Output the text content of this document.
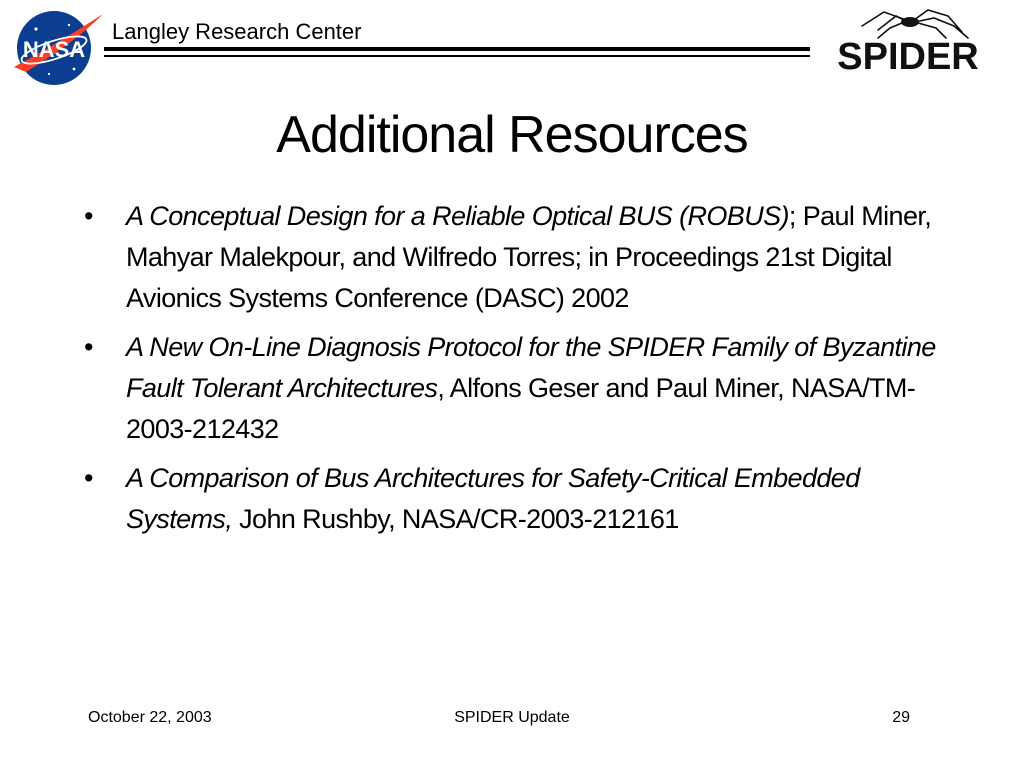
NASA
Langley Research Center
SPIDER
Additional Resources
•	A Conceptual Design for a Reliable Optical BUS (ROBUS); Paul Miner, Mahyar Malekpour, and Wilfredo Torres; in Proceedings 21st Digital Avionics Systems Conference (DASC) 2002
•	A New On-Line Diagnosis Protocol for the SPIDER Family of Byzantine Fault Tolerant Architectures, Alfons Geser and Paul Miner, NASA/TM-2003-212432
•	A Comparison of Bus Architectures for Safety-Critical Embedded Systems, John Rushby, NASA/CR-2003-212161
October 22, 2003	SPIDER Update	29
